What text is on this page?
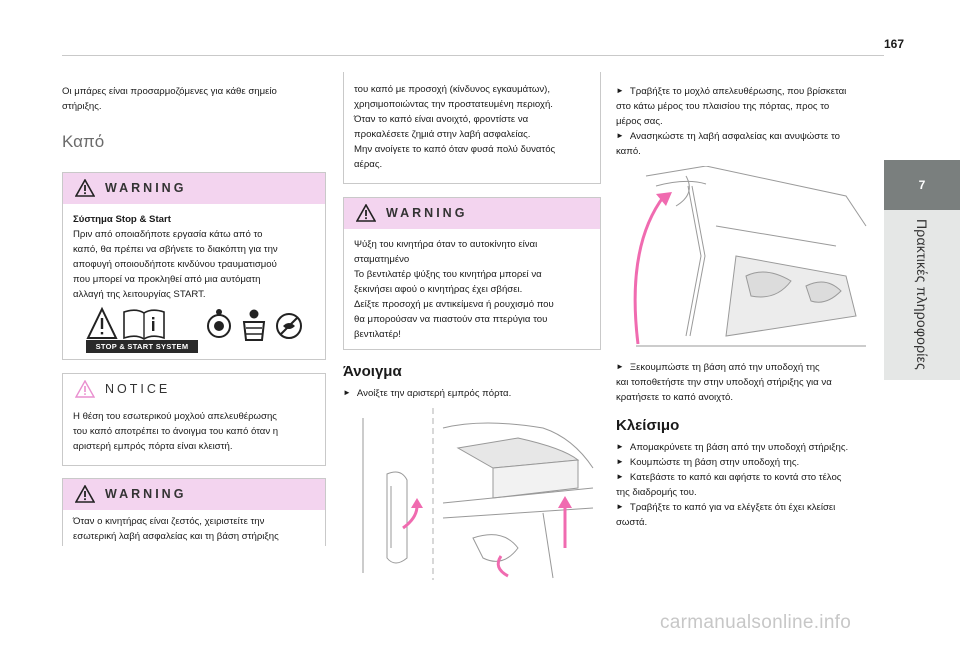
167
7
Πρακτικές πληροφορίες

Οι μπάρες είναι προσαρμοζόμενες για κάθε σημείο

στήριξης.

Καπό
WARNING

Σύστημα Stop & Start

Πριν από οποιαδήποτε εργασία κάτω από το

καπό, θα πρέπει να σβήνετε το διακόπτη για την

αποφυγή οποιουδήποτε κινδύνου τραυματισμού

που μπορεί να προκληθεί από μια αυτόματη

αλλαγή της λειτουργίας START.

STOP & START SYSTEM
NOTICE

Η θέση του εσωτερικού μοχλού απελευθέρωσης

του καπό αποτρέπει το άνοιγμα του καπό όταν η

αριστερή εμπρός πόρτα είναι κλειστή.

WARNING

Όταν ο κινητήρας είναι ζεστός, χειριστείτε την

εσωτερική λαβή ασφαλείας και τη βάση στήριξης

του καπό με προσοχή (κίνδυνος εγκαυμάτων),

χρησιμοποιώντας την προστατευμένη περιοχή.

Όταν το καπό είναι ανοιχτό, φροντίστε να

προκαλέσετε ζημιά στην λαβή ασφαλείας.

Μην ανοίγετε το καπό όταν φυσά πολύ δυνατός

αέρας.

WARNING

Ψύξη του κινητήρα όταν το αυτοκίνητο είναι

σταματημένο

Το βεντιλατέρ ψύξης του κινητήρα μπορεί να

ξεκινήσει αφού ο κινητήρας έχει σβήσει.

Δείξτε προσοχή με αντικείμενα ή ρουχισμό που

θα μπορούσαν να πιαστούν στα πτερύγια του

βεντιλατέρ!

Άνοιγμα

► Ανοίξτε την αριστερή εμπρός πόρτα.

► Τραβήξτε το μοχλό απελευθέρωσης, που βρίσκεται

στο κάτω μέρος του πλαισίου της πόρτας, προς το

μέρος σας.

► Ανασηκώστε τη λαβή ασφαλείας και ανυψώστε το

καπό.

► Ξεκουμπώστε τη βάση από την υποδοχή της

και τοποθετήστε την στην υποδοχή στήριξης για να

κρατήσετε το καπό ανοιχτό.

Κλείσιμο

► Απομακρύνετε τη βάση από την υποδοχή στήριξης.

► Κουμπώστε τη βάση στην υποδοχή της.

► Κατεβάστε το καπό και αφήστε το κοντά στο τέλος

της διαδρομής του.

► Τραβήξτε το καπό για να ελέγξετε ότι έχει κλείσει

σωστά.

carmanualsonline.info
